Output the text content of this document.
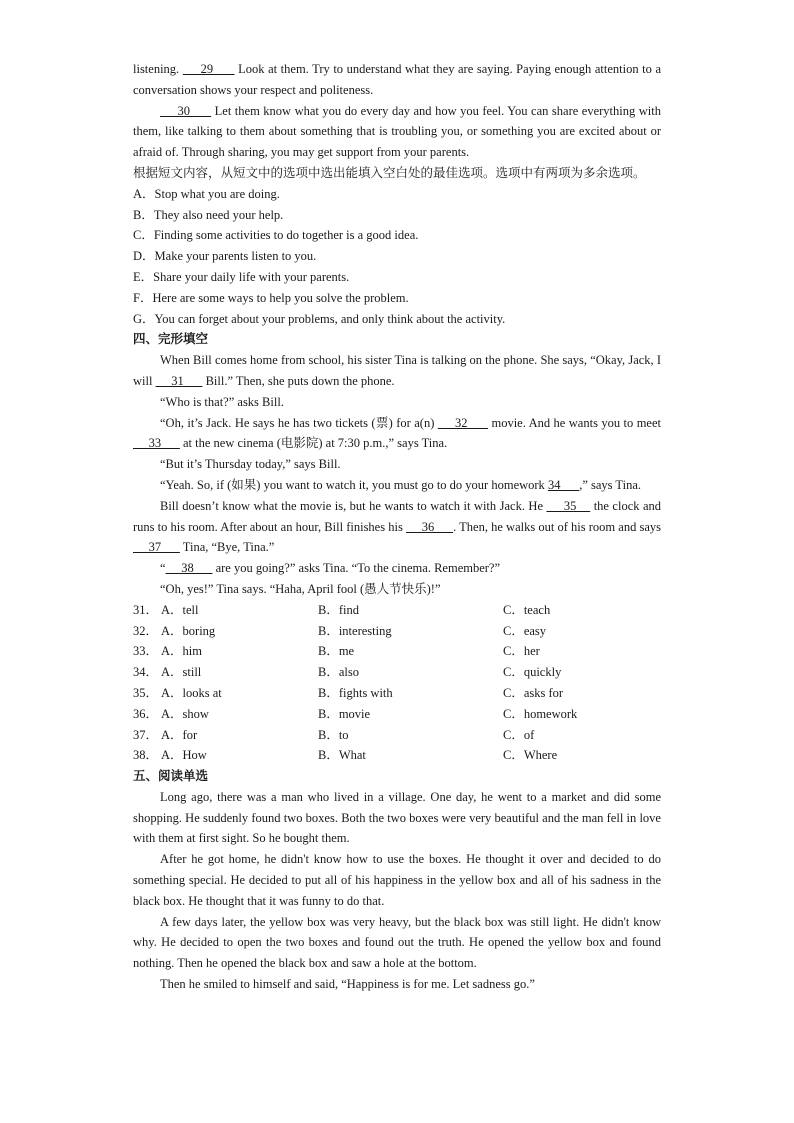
listening.      29       Look at them. Try to understand what they are saying. Paying enough attention to a conversation shows your respect and politeness.

30       Let them know what you do every day and how you feel. You can share everything with them, like talking to them about something that is troubling you, or something you are excited about or afraid of. Through sharing, you may get support from your parents.

根据短文内容，从短文中的选项中选出能填入空白处的最佳选项。选项中有两项为多余选项。

A．Stop what you are doing.

B．They also need your help.

C．Finding some activities to do together is a good idea.

D．Make your parents listen to you.

E．Share your daily life with your parents.

F．Here are some ways to help you solve the problem.

G．You can forget about your problems, and only think about the activity.

四、完形填空

When Bill comes home from school, his sister Tina is talking on the phone. She says, “Okay, Jack, I will      31       Bill.” Then, she puts down the phone.

“Who is that?” asks Bill.

“Oh, it’s Jack. He says he has two tickets (票) for a(n)      32       movie. And he wants you to meet      33       at the new cinema (电影院) at 7:30 p.m.,” says Tina.

“But it’s Thursday today,” says Bill.

“Yeah. So, if (如果) you want to watch it, you must go to do your homework 34      ,” says Tina.

Bill doesn’t know what the movie is, but he wants to watch it with Jack. He      35     the clock and runs to his room. After about an hour, Bill finishes his      36      . Then, he walks out of his room and says      37       Tina, “Bye, Tina.”

“     38       are you going?” asks Tina. “To the cinema. Remember?”

“Oh, yes!” Tina says. “Haha, April fool (愚人节快乐)!”

31． A．tell	B．find	C．teach
32． A．boring	B．interesting	C．easy
33． A．him	B．me	C．her
34． A．still	B．also	C．quickly
35． A．looks at	B．fights with	C．asks for
36． A．show	B．movie	C．homework
37． A．for	B．to	C．of
38． A．How	B．What	C．Where

五、阅读单选

Long ago, there was a man who lived in a village. One day, he went to a market and did some shopping. He suddenly found two boxes. Both the two boxes were very beautiful and the man fell in love with them at first sight. So he bought them.

After he got home, he didn't know how to use the boxes. He thought it over and decided to do something special. He decided to put all of his happiness in the yellow box and all of his sadness in the black box. He thought that it was funny to do that.

A few days later, the yellow box was very heavy, but the black box was still light. He didn't know why. He decided to open the two boxes and found out the truth. He opened the yellow box and found nothing. Then he opened the black box and saw a hole at the bottom.

Then he smiled to himself and said, “Happiness is for me. Let sadness go.”
